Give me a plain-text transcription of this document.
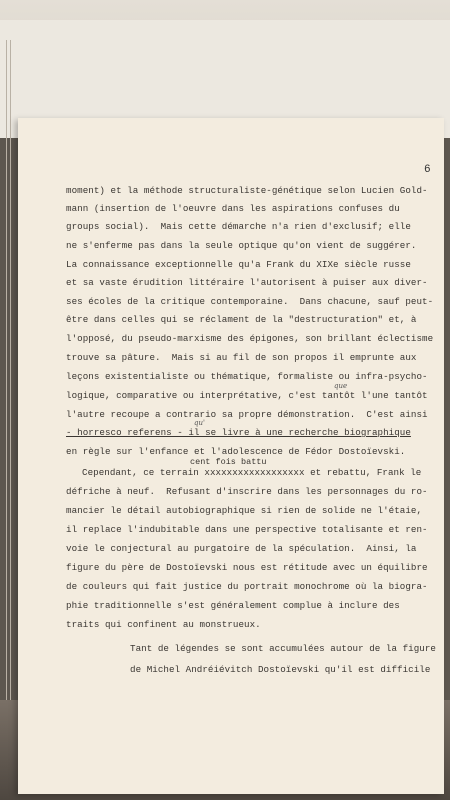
6
moment) et la méthode structuraliste-génétique selon Lucien Gold-
mann (insertion de l'oeuvre dans les aspirations confuses du
groups social).  Mais cette démarche n'a rien d'exclusif; elle
ne s'enferme pas dans la seule optique qu'on vient de suggérer.
La connaissance exceptionnelle qu'a Frank du XIXe siècle russe
et sa vaste érudition littéraire l'autorisent à puiser aux diver-
ses écoles de la critique contemporaine.  Dans chacune, sauf peut-
être dans celles qui se réclament de la "destructuration" et, à
l'opposé, du pseudo-marxisme des épigones, son brillant éclectisme
trouve sa pâture.  Mais si au fil de son propos il emprunte aux
leçons existentialiste ou thématique, formaliste ou infra-psycho-
que
logique, comparative ou interprétative, c'est tantôt l'une tantôt
l'autre recoupe a contrario sa propre démonstration.  C'est ainsi
qu'
- horresco referens - il se livre à une recherche biographique
en règle sur l'enfance et l'adolescence de Fédor Dostoïevski.
cent fois battu
Cependant, ce terrain xxxxxxxxxxxxxxxxxx et rebattu, Frank le
défriche à neuf.  Refusant d'inscrire dans les personnages du ro-
mancier le détail autobiographique si rien de solide ne l'étaie,
il replace l'indubitable dans une perspective totalisante et ren-
voie le conjectural au purgatoire de la spéculation.  Ainsi, la
figure du père de Dostoïevski nous est rétitude avec un équilibre
de couleurs qui fait justice du portrait monochrome où la biogra-
phie traditionnelle s'est généralement complue à inclure des
traits qui confinent au monstrueux.
Tant de légendes se sont accumulées autour de la figure
de Michel Andréiévitch Dostoïevski qu'il est difficile
